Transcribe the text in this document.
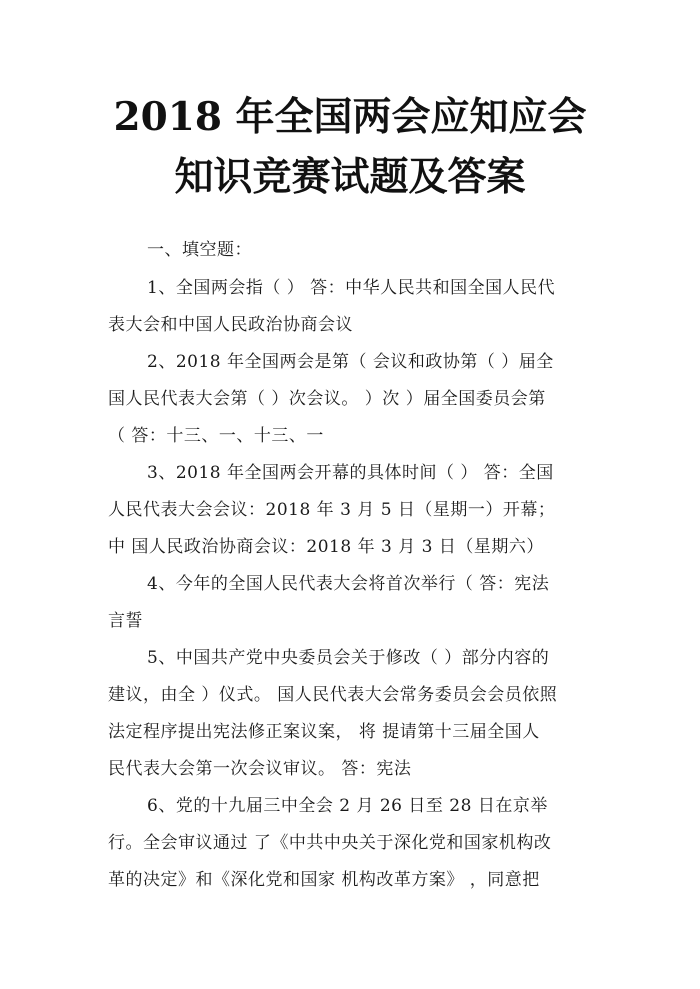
2018 年全国两会应知应会
知识竞赛试题及答案
一、填空题：
1、全国两会指（ ） 答：中华人民共和国全国人民代
表大会和中国人民政治协商会议
2、2018 年全国两会是第（ 会议和政协第（ ）届全
国人民代表大会第（ ）次会议。 ）次 ）届全国委员会第
（ 答：十三、一、十三、一
3、2018 年全国两会开幕的具体时间（ ） 答：全国
人民代表大会会议：2018 年 3 月 5 日（星期一）开幕；
中 国人民政治协商会议：2018 年 3 月 3 日（星期六）
4、今年的全国人民代表大会将首次举行（ 答：宪法
言誓
5、中国共产党中央委员会关于修改（ ）部分内容的
建议，由全 ）仪式。 国人民代表大会常务委员会会员依照
法定程序提出宪法修正案议案， 将 提请第十三届全国人
民代表大会第一次会议审议。 答：宪法
6、党的十九届三中全会 2 月 26 日至 28 日在京举
行。全会审议通过 了《中共中央关于深化党和国家机构改
革的决定》和《深化党和国家 机构改革方案》 ，同意把
